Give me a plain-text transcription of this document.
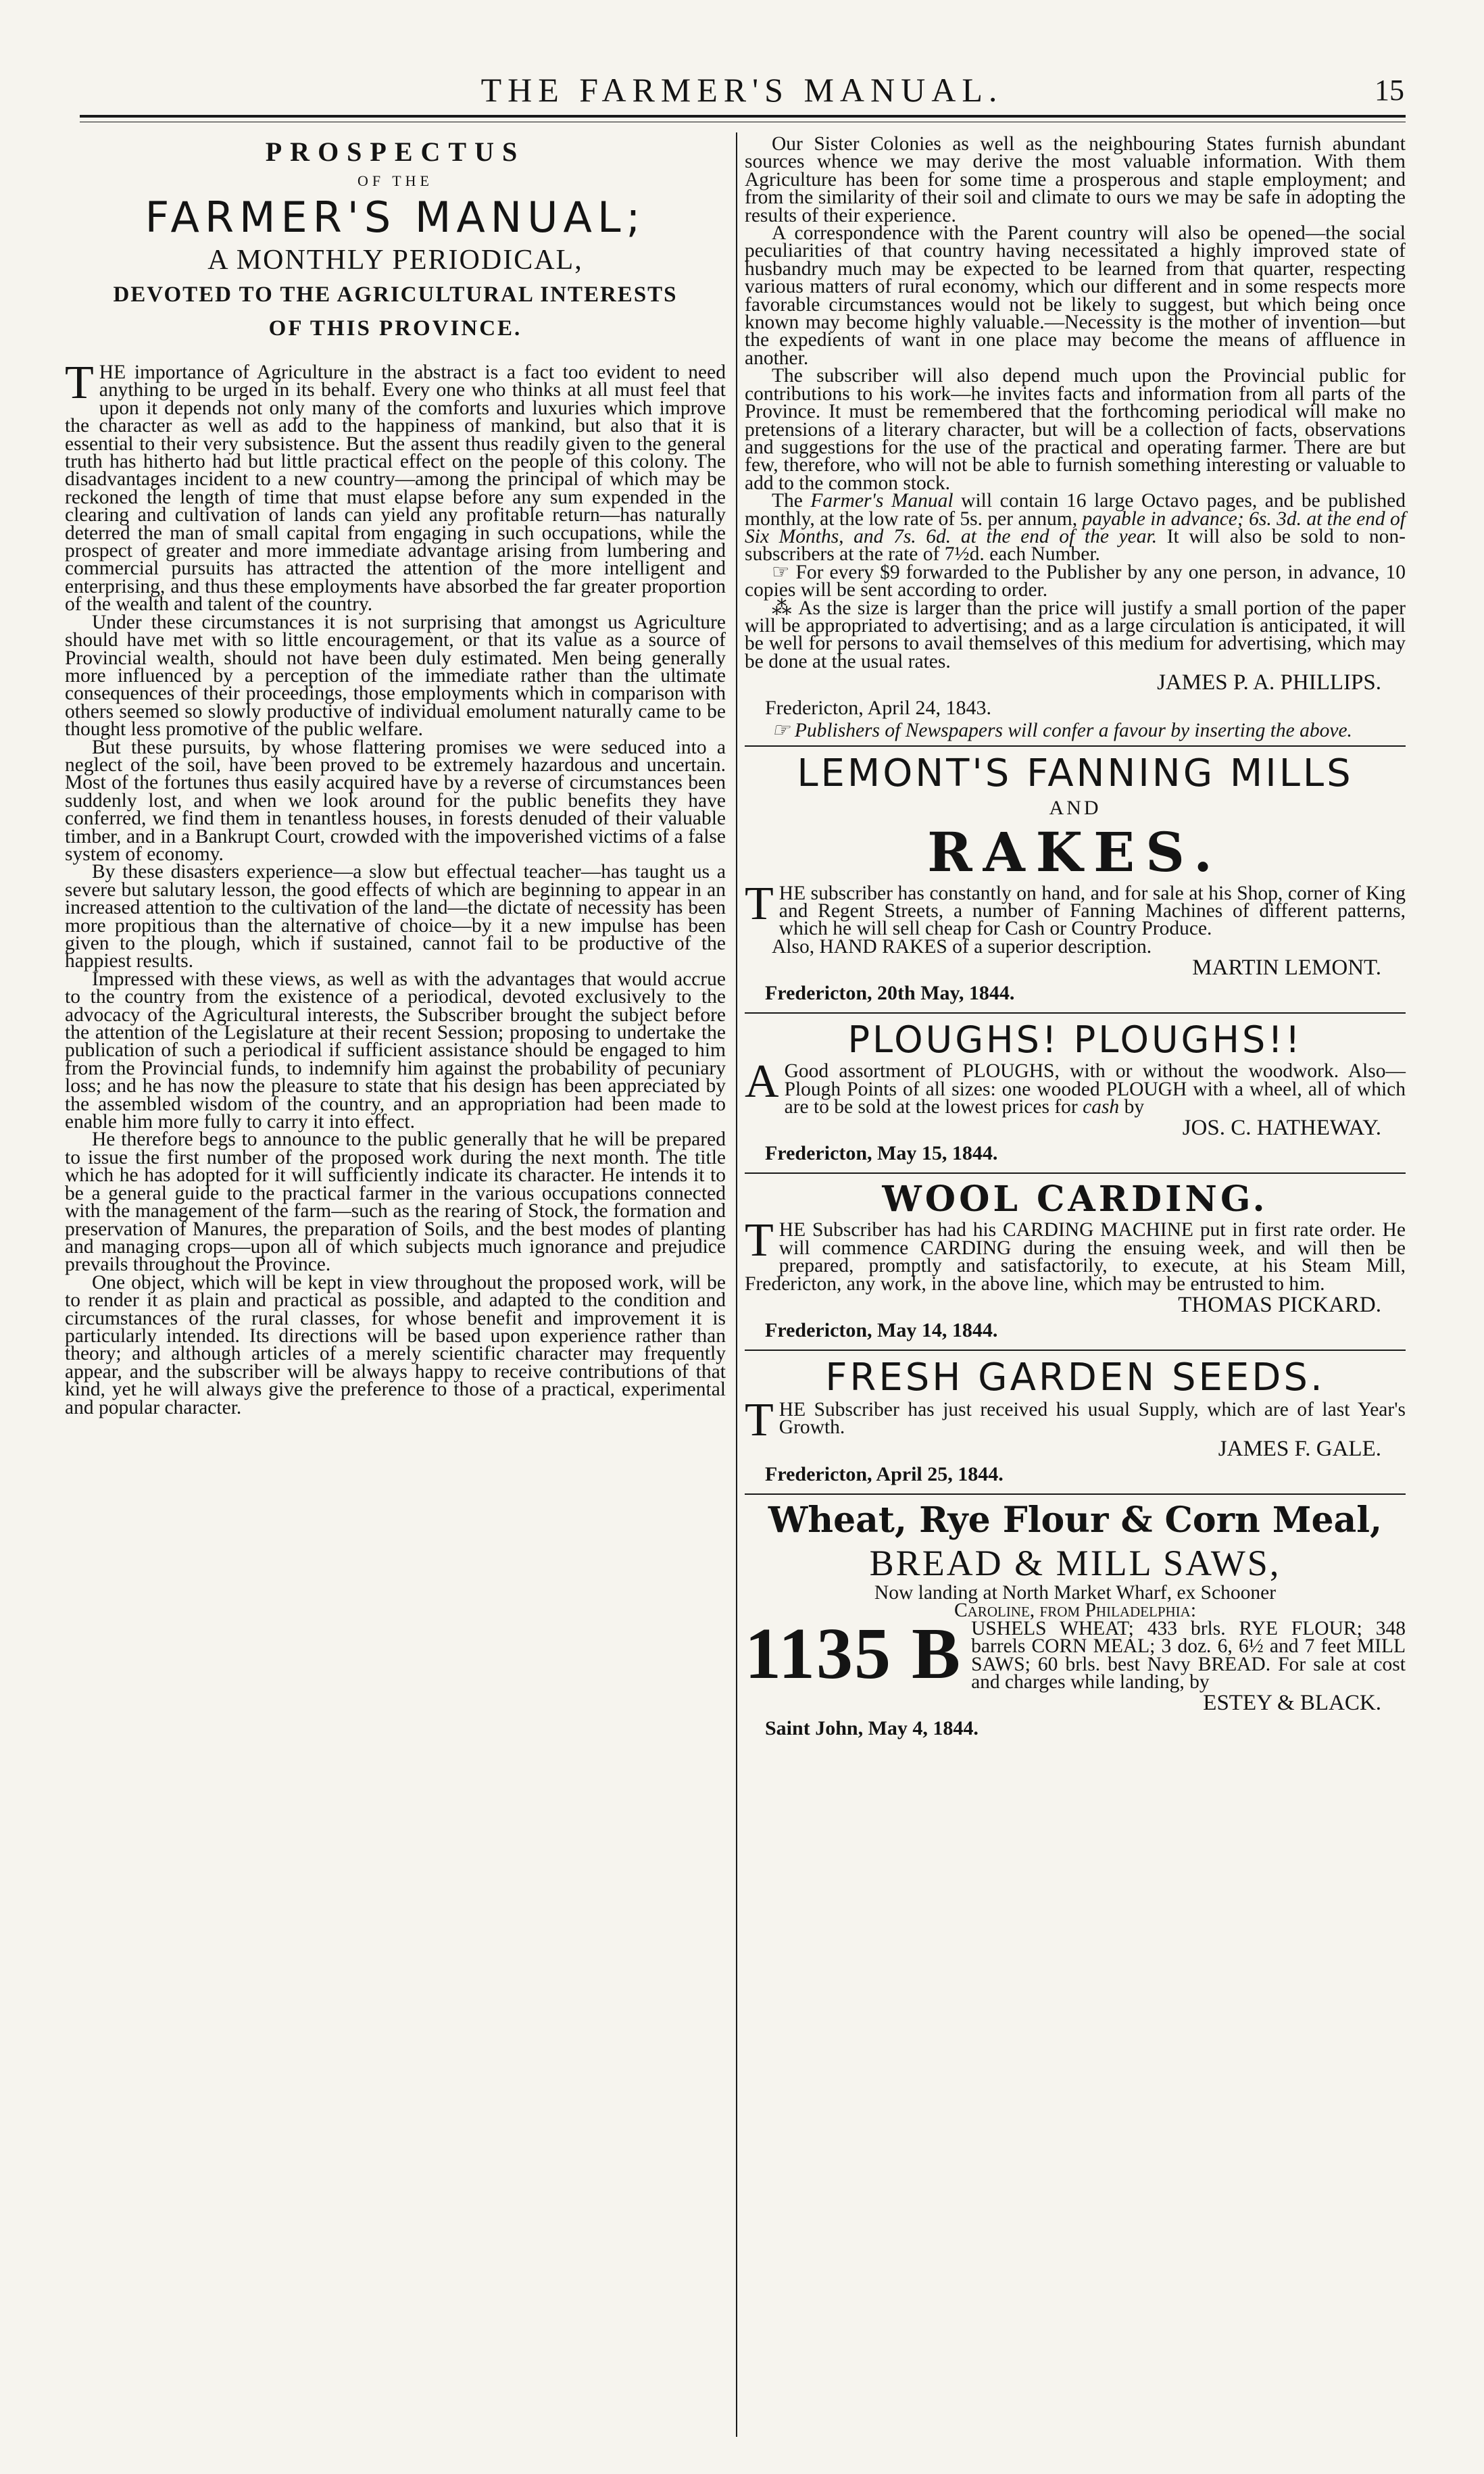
THE FARMER'S MANUAL.	15
PROSPECTUS
OF THE
FARMER'S MANUAL;
A MONTHLY PERIODICAL,
DEVOTED TO THE AGRICULTURAL INTERESTS
OF THIS PROVINCE.

THE importance of Agriculture in the abstract is a fact too evident to need anything to be urged in its behalf. Every one who thinks at all must feel that upon it depends not only many of the comforts and luxuries which improve the character as well as add to the happiness of mankind, but also that it is essential to their very subsistence. But the assent thus readily given to the general truth has hitherto had but little practical effect on the people of this colony. The disadvantages incident to a new country—among the principal of which may be reckoned the length of time that must elapse before any sum expended in the clearing and cultivation of lands can yield any profitable return—has naturally deterred the man of small capital from engaging in such occupations, while the prospect of greater and more immediate advantage arising from lumbering and commercial pursuits has attracted the attention of the more intelligent and enterprising, and thus these employments have absorbed the far greater proportion of the wealth and talent of the country.

Under these circumstances it is not surprising that amongst us Agriculture should have met with so little encouragement, or that its value as a source of Provincial wealth, should not have been duly estimated. Men being generally more influenced by a perception of the immediate rather than the ultimate consequences of their proceedings, those employments which in comparison with others seemed so slowly productive of individual emolument naturally came to be thought less promotive of the public welfare.

But these pursuits, by whose flattering promises we were seduced into a neglect of the soil, have been proved to be extremely hazardous and uncertain. Most of the fortunes thus easily acquired have by a reverse of circumstances been suddenly lost, and when we look around for the public benefits they have conferred, we find them in tenantless houses, in forests denuded of their valuable timber, and in a Bankrupt Court, crowded with the impoverished victims of a false system of economy.

By these disasters experience—a slow but effectual teacher—has taught us a severe but salutary lesson, the good effects of which are beginning to appear in an increased attention to the cultivation of the land—the dictate of necessity has been more propitious than the alternative of choice—by it a new impulse has been given to the plough, which if sustained, cannot fail to be productive of the happiest results.

Impressed with these views, as well as with the advantages that would accrue to the country from the existence of a periodical, devoted exclusively to the advocacy of the Agricultural interests, the Subscriber brought the subject before the attention of the Legislature at their recent Session; proposing to undertake the publication of such a periodical if sufficient assistance should be engaged to him from the Provincial funds, to indemnify him against the probability of pecuniary loss; and he has now the pleasure to state that his design has been appreciated by the assembled wisdom of the country, and an appropriation had been made to enable him more fully to carry it into effect.

He therefore begs to announce to the public generally that he will be prepared to issue the first number of the proposed work during the next month. The title which he has adopted for it will sufficiently indicate its character. He intends it to be a general guide to the practical farmer in the various occupations connected with the management of the farm—such as the rearing of Stock, the formation and preservation of Manures, the preparation of Soils, and the best modes of planting and managing crops—upon all of which subjects much ignorance and prejudice prevails throughout the Province.

One object, which will be kept in view throughout the proposed work, will be to render it as plain and practical as possible, and adapted to the condition and circumstances of the rural classes, for whose benefit and improvement it is particularly intended. Its directions will be based upon experience rather than theory; and although articles of a merely scientific character may frequently appear, and the subscriber will be always happy to receive contributions of that kind, yet he will always give the preference to those of a practical, experimental and popular character.

Our Sister Colonies as well as the neighbouring States furnish abundant sources whence we may derive the most valuable information. With them Agriculture has been for some time a prosperous and staple employment; and from the similarity of their soil and climate to ours we may be safe in adopting the results of their experience.

A correspondence with the Parent country will also be opened—the social peculiarities of that country having necessitated a highly improved state of husbandry much may be expected to be learned from that quarter, respecting various matters of rural economy, which our different and in some respects more favorable circumstances would not be likely to suggest, but which being once known may become highly valuable.—Necessity is the mother of invention—but the expedients of want in one place may become the means of affluence in another.

The subscriber will also depend much upon the Provincial public for contributions to his work—he invites facts and information from all parts of the Province. It must be remembered that the forthcoming periodical will make no pretensions of a literary character, but will be a collection of facts, observations and suggestions for the use of the practical and operating farmer. There are but few, therefore, who will not be able to furnish something interesting or valuable to add to the common stock.

The Farmer's Manual will contain 16 large Octavo pages, and be published monthly, at the low rate of 5s. per annum, payable in advance; 6s. 3d. at the end of Six Months, and 7s. 6d. at the end of the year. It will also be sold to non-subscribers at the rate of 7½d. each Number.

☞ For every $9 forwarded to the Publisher by any one person, in advance, 10 copies will be sent according to order.

⁂ As the size is larger than the price will justify a small portion of the paper will be appropriated to advertising; and as a large circulation is anticipated, it will be well for persons to avail themselves of this medium for advertising, which may be done at the usual rates.

JAMES P. A. PHILLIPS.
Fredericton, April 24, 1843.
☞ Publishers of Newspapers will confer a favour by inserting the above.
LEMONT'S FANNING MILLS
AND
RAKES.
THE subscriber has constantly on hand, and for sale at his Shop, corner of King and Regent Streets, a number of Fanning Machines of different patterns, which he will sell cheap for Cash or Country Produce.
Also, HAND RAKES of a superior description.
MARTIN LEMONT.
Fredericton, 20th May, 1844.
PLOUGHS! PLOUGHS!!
A Good assortment of PLOUGHS, with or without the woodwork. Also—Plough Points of all sizes: one wooded PLOUGH with a wheel, all of which are to be sold at the lowest prices for cash by
JOS. C. HATHEWAY.
Fredericton, May 15, 1844.
WOOL CARDING.
THE Subscriber has had his CARDING MACHINE put in first rate order. He will commence CARDING during the ensuing week, and will then be prepared, promptly and satisfactorily, to execute, at his Steam Mill, Fredericton, any work, in the above line, which may be entrusted to him.
THOMAS PICKARD.
Fredericton, May 14, 1844.
FRESH GARDEN SEEDS.
THE Subscriber has just received his usual Supply, which are of last Year's Growth.
JAMES F. GALE.
Fredericton, April 25, 1844.
Wheat, Rye Flour & Corn Meal,
BREAD & MILL SAWS,
Now landing at North Market Wharf, ex Schooner
Caroline, from Philadelphia:
1135 B USHELS WHEAT; 433 brls. RYE FLOUR; 348 barrels CORN MEAL; 3 doz. 6, 6½ and 7 feet MILL SAWS; 60 brls. best Navy BREAD. For sale at cost and charges while landing, by
ESTEY & BLACK.
Saint John, May 4, 1844.
